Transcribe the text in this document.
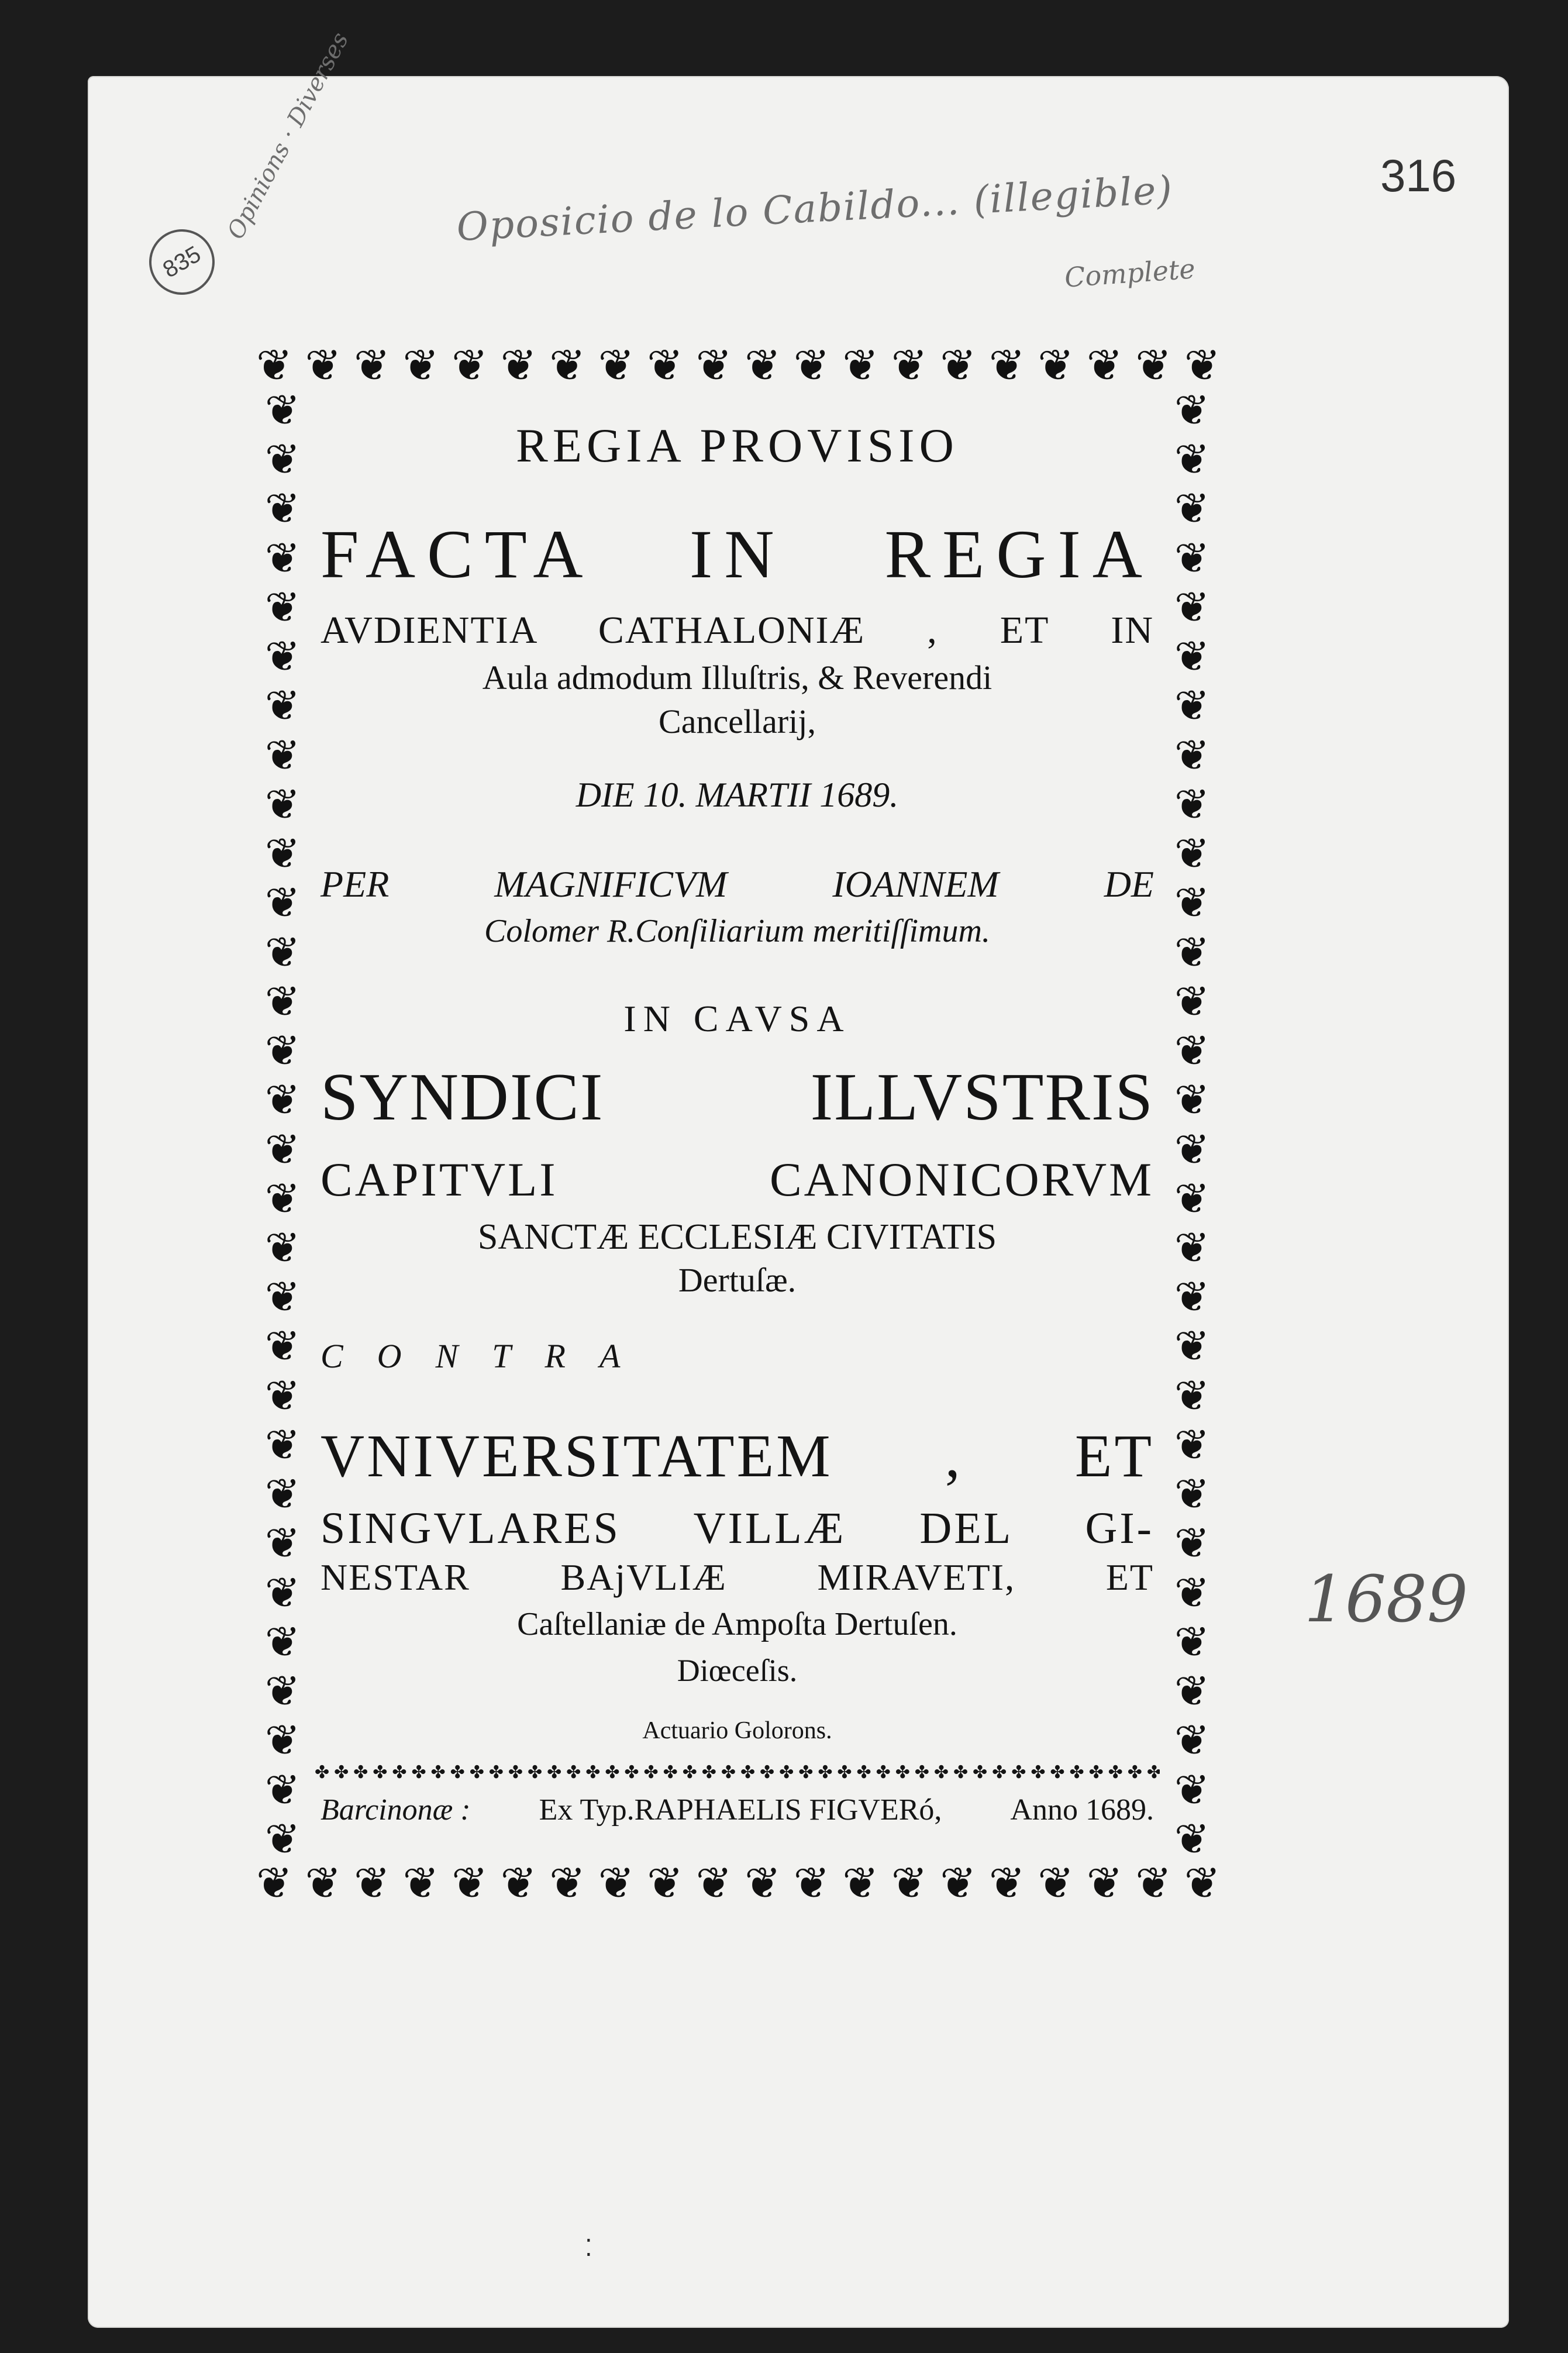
316
Oposicio de lo Cabildo... (illegible)
Complete
835
Opinions · Diverses
1689
⁚
❦ ❦ ❦ ❦ ❦ ❦ ❦ ❦ ❦ ❦ ❦ ❦ ❦ ❦ ❦ ❦ ❦ ❦ ❦ ❦
❦ ❦ ❦ ❦ ❦ ❦ ❦ ❦ ❦ ❦ ❦ ❦ ❦ ❦ ❦ ❦ ❦ ❦ ❦ ❦
❦
❦
❦
❦
❦
❦
❦
❦
❦
❦
❦
❦
❦
❦
❦
❦
❦
❦
❦
❦
❦
❦
❦
❦
❦
❦
❦
❦
❦
❦
❦
❦
❦
❦
❦
❦
❦
❦
❦
❦
❦
❦
❦
❦
❦
❦
❦
❦
❦
❦
❦
❦
❦
❦
❦
❦
❦
❦
❦
❦
REGIA PROVISIO
FACTA IN REGIA
AVDIENTIA CATHALONIÆ , ET IN
Aula admodum Illuſtris, & Reverendi
Cancellarij,
DIE 10. MARTII 1689.
PER MAGNIFICVM IOANNEM DE
Colomer R.Conſiliarium meritiſſimum.
IN CAVSA
SYNDICI ILLVSTRIS
CAPITVLI CANONICORVM
SANCTÆ ECCLESIÆ CIVITATIS
Dertuſæ.
CONTRA
VNIVERSITATEM , ET
SINGVLARES VILLÆ DEL GI-
NESTAR BAjVLIÆ MIRAVETI, ET
Caſtellaniæ de Ampoſta Dertuſen.
Diœceſis.
Actuario Golorons.
✤ ✤ ✤ ✤ ✤ ✤ ✤ ✤ ✤ ✤ ✤ ✤ ✤ ✤ ✤ ✤ ✤ ✤ ✤ ✤ ✤ ✤ ✤ ✤ ✤ ✤ ✤ ✤ ✤ ✤ ✤ ✤ ✤ ✤ ✤ ✤ ✤ ✤ ✤ ✤ ✤ ✤ ✤ ✤
Barcinonæ : Ex Typ.RAPHAELIS FIGVERó, Anno 1689.
